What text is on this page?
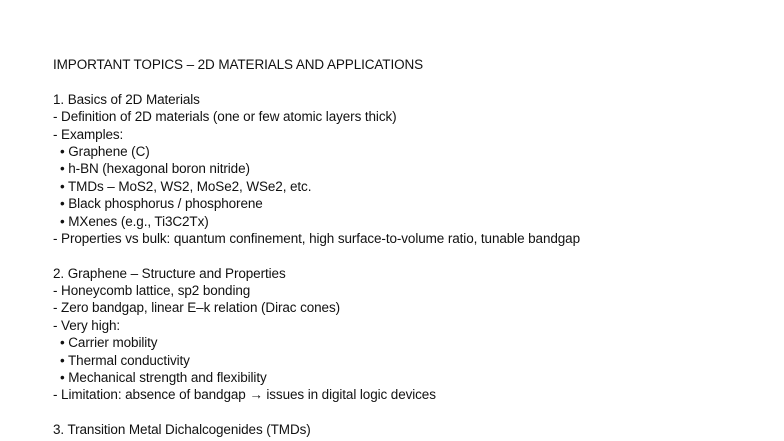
IMPORTANT TOPICS – 2D MATERIALS AND APPLICATIONS
1. Basics of 2D Materials
- Definition of 2D materials (one or few atomic layers thick)
- Examples:
• Graphene (C)
• h-BN (hexagonal boron nitride)
• TMDs – MoS2, WS2, MoSe2, WSe2, etc.
• Black phosphorus / phosphorene
• MXenes (e.g., Ti3C2Tx)
- Properties vs bulk: quantum confinement, high surface-to-volume ratio, tunable bandgap
2. Graphene – Structure and Properties
- Honeycomb lattice, sp2 bonding
- Zero bandgap, linear E–k relation (Dirac cones)
- Very high:
• Carrier mobility
• Thermal conductivity
• Mechanical strength and flexibility
- Limitation: absence of bandgap → issues in digital logic devices
3. Transition Metal Dichalcogenides (TMDs)
